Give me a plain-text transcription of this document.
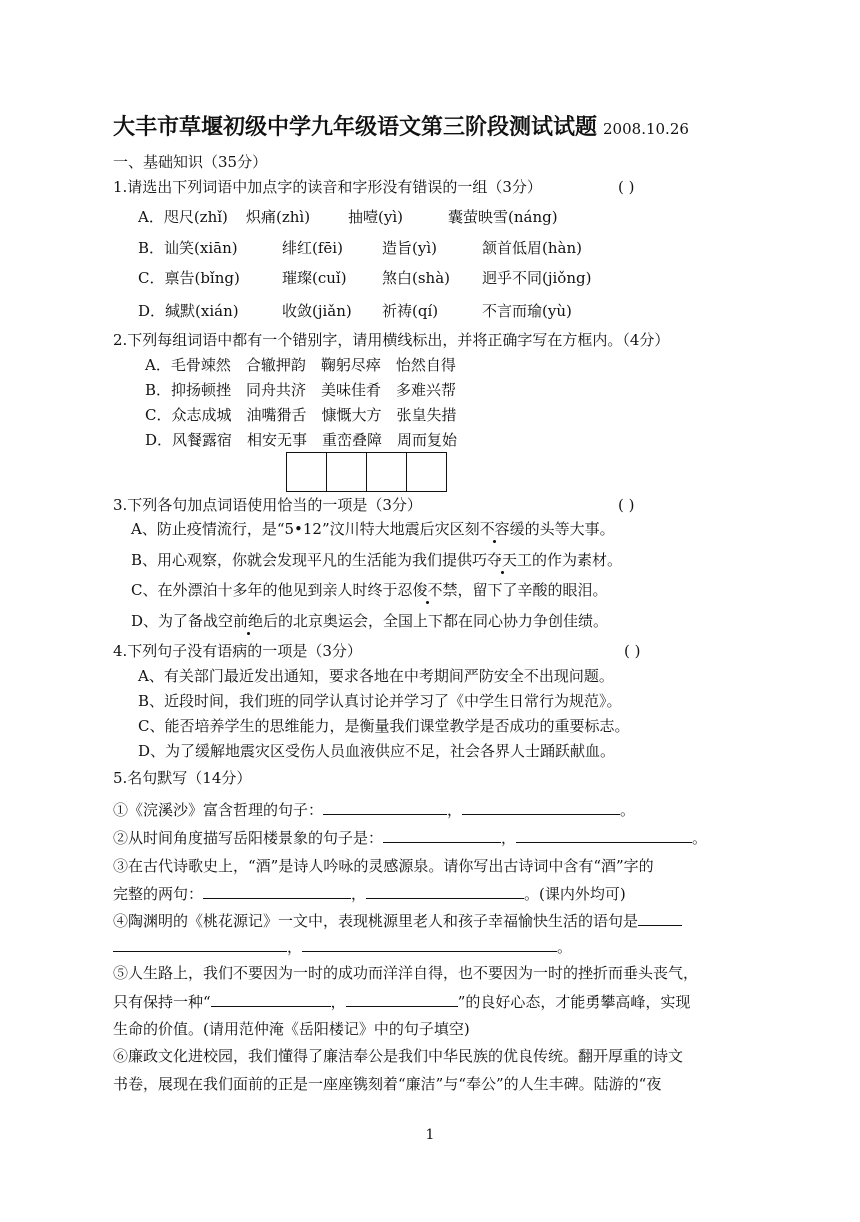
大丰市草堰初级中学九年级语文第三阶段测试试题 2008.10.26
一、基础知识（35分）
1.请选出下列词语中加点字的读音和字形没有错误的一组（3分）	( )
A．咫尺(zhǐ) 炽痛(zhì)	抽噎(yì)	囊萤映雪(náng)
B．讪笑(xiān)	绯红(fēi)	造旨(yì)	颔首低眉(hàn)
C．禀告(bǐng)	璀璨(cuǐ) 煞白(shà) 迥乎不同(jiǒng)
D．缄默(xián)	收敛(jiǎn) 祈祷(qí)	不言而瑜(yù)
2.下列每组词语中都有一个错别字，请用横线标出，并将正确字写在方框内。（4分）
A．毛骨竦然　合辙押韵　鞠躬尽瘁　怡然自得
B．抑扬顿挫　同舟共济　美味佳肴　多难兴帮
C．众志成城　油嘴猾舌　慷慨大方　张皇失措
D．风餐露宿　相安无事　重峦叠障　周而复始
3.下列各句加点词语使用恰当的一项是（3分）	( )
A、防止疫情流行，是“5•12”汶川特大地震后灾区刻不容缓的头等大事。
B、用心观察，你就会发现平凡的生活能为我们提供巧夺天工的作为素材。
C、在外漂泊十多年的他见到亲人时终于忍俊不禁，留下了辛酸的眼泪。
D、为了备战空前绝后的北京奥运会，全国上下都在同心协力争创佳绩。
4.下列句子没有语病的一项是（3分）	( )
A、有关部门最近发出通知，要求各地在中考期间严防安全不出现问题。
B、近段时间，我们班的同学认真讨论并学习了《中学生日常行为规范》。
C、能否培养学生的思维能力，是衡量我们课堂教学是否成功的重要标志。
D、为了缓解地震灾区受伤人员血液供应不足，社会各界人士踊跃献血。
5.名句默写（14分）
①《浣溪沙》富含哲理的句子：	，	。
②从时间角度描写岳阳楼景象的句子是：	，	。
③在古代诗歌史上，“酒”是诗人吟咏的灵感源泉。请你写出古诗词中含有“酒”字的
完整的两句：	，	。(课内外均可)
④陶渊明的《桃花源记》一文中，表现桃源里老人和孩子幸福愉快生活的语句是
，	。
⑤人生路上，我们不要因为一时的成功而洋洋自得，也不要因为一时的挫折而垂头丧气，
只有保持一种“	，	”的良好心态，才能勇攀高峰，实现
生命的价值。(请用范仲淹《岳阳楼记》中的句子填空)
⑥廉政文化进校园，我们懂得了廉洁奉公是我们中华民族的优良传统。翻开厚重的诗文
书卷，展现在我们面前的正是一座座镌刻着“廉洁”与“奉公”的人生丰碑。陆游的“夜
1
